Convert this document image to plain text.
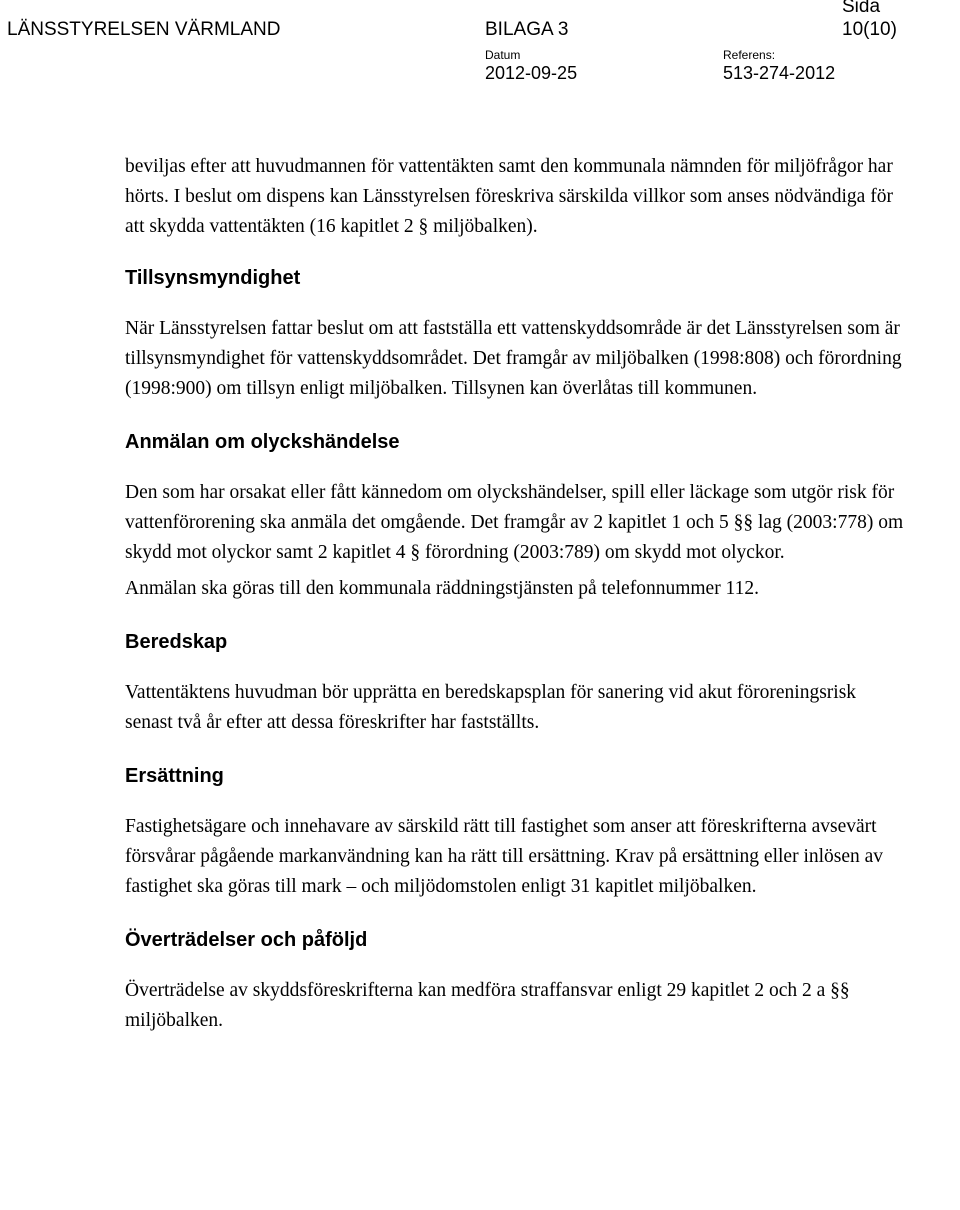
LÄNSSTYRELSEN VÄRMLAND	BILAGA 3
Sida
10(10)
Datum	Referens:
2012-09-25	513-274-2012

beviljas efter att huvudmannen för vattentäkten samt den kommunala nämnden för miljöfrågor har hörts. I beslut om dispens kan Länsstyrelsen föreskriva särskilda villkor som anses nödvändiga för att skydda vattentäkten (16 kapitlet 2 § miljöbalken).

Tillsynsmyndighet

När Länsstyrelsen fattar beslut om att fastställa ett vattenskyddsområde är det Länsstyrelsen som är tillsynsmyndighet för vattenskyddsområdet. Det framgår av miljöbalken (1998:808) och förordning (1998:900) om tillsyn enligt miljöbalken. Tillsynen kan överlåtas till kommunen.

Anmälan om olyckshändelse

Den som har orsakat eller fått kännedom om olyckshändelser, spill eller läckage som utgör risk för vattenförorening ska anmäla det omgående. Det framgår av 2 kapitlet 1 och 5 §§ lag (2003:778) om skydd mot olyckor samt 2 kapitlet 4 § förordning (2003:789) om skydd mot olyckor.

Anmälan ska göras till den kommunala räddningstjänsten på telefonnummer 112.

Beredskap

Vattentäktens huvudman bör upprätta en beredskapsplan för sanering vid akut föroreningsrisk senast två år efter att dessa föreskrifter har fastställts.

Ersättning

Fastighetsägare och innehavare av särskild rätt till fastighet som anser att föreskrifterna avsevärt försvårar pågående markanvändning kan ha rätt till ersättning. Krav på ersättning eller inlösen av fastighet ska göras till mark – och miljödomstolen enligt 31 kapitlet miljöbalken.

Överträdelser och påföljd

Överträdelse av skyddsföreskrifterna kan medföra straffansvar enligt 29 kapitlet 2 och 2 a §§ miljöbalken.
